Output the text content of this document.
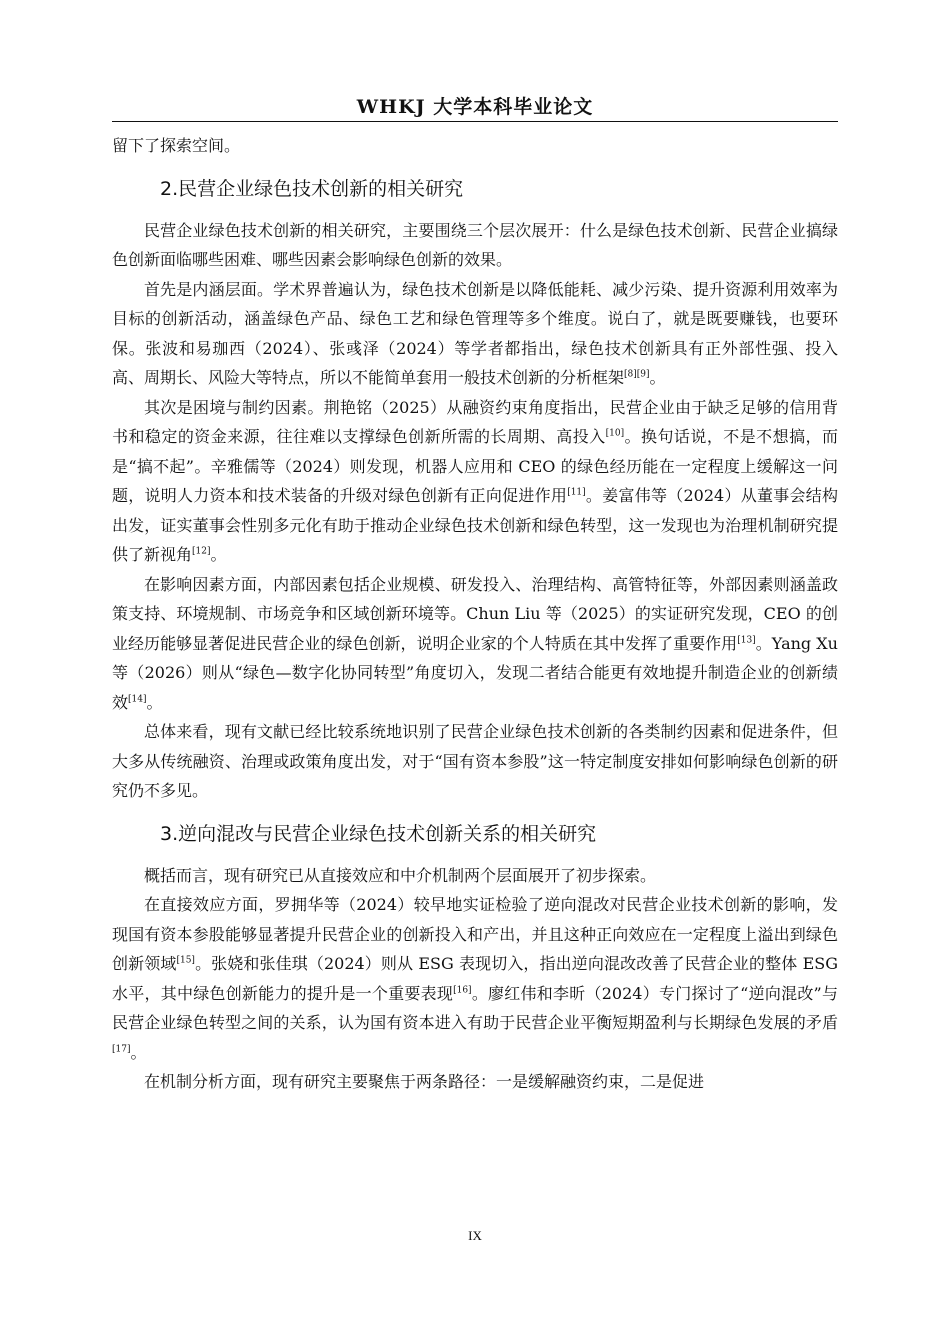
WHKJ 大学本科毕业论文

留下了探索空间。

2.民营企业绿色技术创新的相关研究

民营企业绿色技术创新的相关研究，主要围绕三个层次展开：什么是绿色技术创新、民营企业搞绿色创新面临哪些困难、哪些因素会影响绿色创新的效果。

首先是内涵层面。学术界普遍认为，绿色技术创新是以降低能耗、减少污染、提升资源利用效率为目标的创新活动，涵盖绿色产品、绿色工艺和绿色管理等多个维度。说白了，就是既要赚钱，也要环保。张波和易珈西（2024）、张彧泽（2024）等学者都指出，绿色技术创新具有正外部性强、投入高、周期长、风险大等特点，所以不能简单套用一般技术创新的分析框架[8][9]。

其次是困境与制约因素。荆艳铭（2025）从融资约束角度指出，民营企业由于缺乏足够的信用背书和稳定的资金来源，往往难以支撑绿色创新所需的长周期、高投入[10]。换句话说，不是不想搞，而是“搞不起”。辛雅儒等（2024）则发现，机器人应用和 CEO 的绿色经历能在一定程度上缓解这一问题，说明人力资本和技术装备的升级对绿色创新有正向促进作用[11]。姜富伟等（2024）从董事会结构出发，证实董事会性别多元化有助于推动企业绿色技术创新和绿色转型，这一发现也为治理机制研究提供了新视角[12]。

在影响因素方面，内部因素包括企业规模、研发投入、治理结构、高管特征等，外部因素则涵盖政策支持、环境规制、市场竞争和区域创新环境等。Chun Liu 等（2025）的实证研究发现，CEO 的创业经历能够显著促进民营企业的绿色创新，说明企业家的个人特质在其中发挥了重要作用[13]。Yang Xu 等（2026）则从“绿色—数字化协同转型”角度切入，发现二者结合能更有效地提升制造企业的创新绩效[14]。

总体来看，现有文献已经比较系统地识别了民营企业绿色技术创新的各类制约因素和促进条件，但大多从传统融资、治理或政策角度出发，对于“国有资本参股”这一特定制度安排如何影响绿色创新的研究仍不多见。

3.逆向混改与民营企业绿色技术创新关系的相关研究

概括而言，现有研究已从直接效应和中介机制两个层面展开了初步探索。

在直接效应方面，罗拥华等（2024）较早地实证检验了逆向混改对民营企业技术创新的影响，发现国有资本参股能够显著提升民营企业的创新投入和产出，并且这种正向效应在一定程度上溢出到绿色创新领域[15]。张娆和张佳琪（2024）则从 ESG 表现切入，指出逆向混改改善了民营企业的整体 ESG 水平，其中绿色创新能力的提升是一个重要表现[16]。廖红伟和李昕（2024）专门探讨了“逆向混改”与民营企业绿色转型之间的关系，认为国有资本进入有助于民营企业平衡短期盈利与长期绿色发展的矛盾[17]。

在机制分析方面，现有研究主要聚焦于两条路径：一是缓解融资约束，二是促进

IX
